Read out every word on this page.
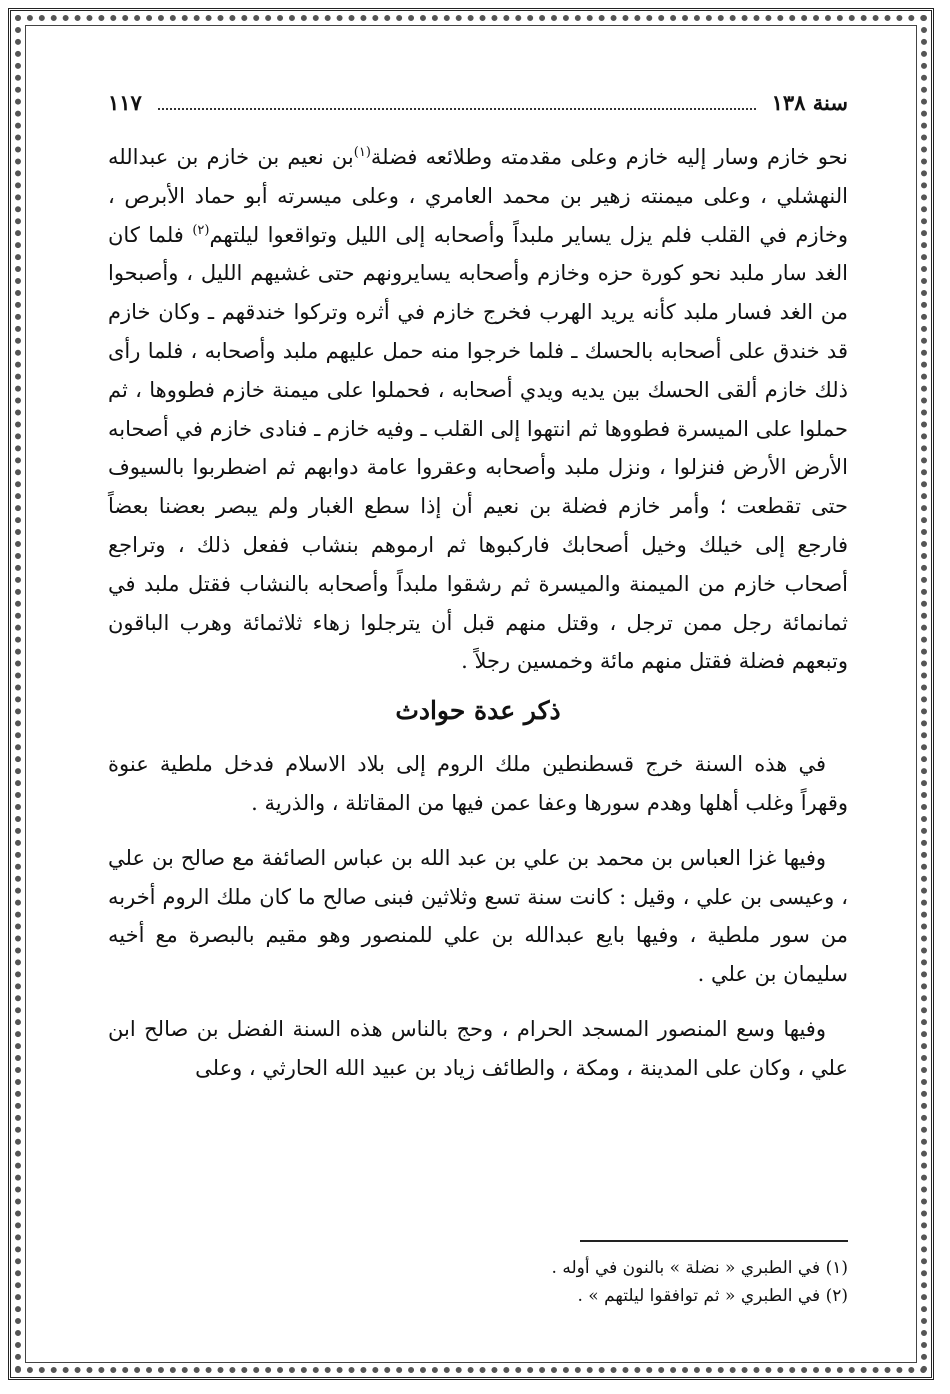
سنة ١٣٨
١١٧

نحو خازم وسار إليه خازم وعلى مقدمته وطلائعه فضلة$^{(١)}$بن نعيم بن خازم بن عبدالله النهشلي ، وعلى ميمنته زهير بن محمد العامري ، وعلى ميسرته أبو حماد الأبرص ، وخازم في القلب فلم يزل يساير ملبداً وأصحابه إلى الليل وتواقعوا ليلتهم$^{(٢)}$ فلما كان الغد سار ملبد نحو كورة حزه وخازم وأصحابه يسايرونهم حتى غشيهم الليل ، وأصبحوا من الغد فسار ملبد كأنه يريد الهرب فخرج خازم في أثره وتركوا خندقهم ـ وكان خازم قد خندق على أصحابه بالحسك ـ فلما خرجوا منه حمل عليهم ملبد وأصحابه ، فلما رأى ذلك خازم ألقى الحسك بين يديه ويدي أصحابه ، فحملوا على ميمنة خازم فطووها ، ثم حملوا على الميسرة فطووها ثم انتهوا إلى القلب ـ وفيه خازم ـ فنادى خازم في أصحابه الأرض الأرض فنزلوا ، ونزل ملبد وأصحابه وعقروا عامة دوابهم ثم اضطربوا بالسيوف حتى تقطعت ؛ وأمر خازم فضلة بن نعيم أن إذا سطع الغبار ولم يبصر بعضنا بعضاً فارجع إلى خيلك وخيل أصحابك فاركبوها ثم ارموهم بنشاب ففعل ذلك ، وتراجع أصحاب خازم من الميمنة والميسرة ثم رشقوا ملبداً وأصحابه بالنشاب فقتل ملبد في ثمانمائة رجل ممن ترجل ، وقتل منهم قبل أن يترجلوا زهاء ثلاثمائة وهرب الباقون وتبعهم فضلة فقتل منهم مائة وخمسين رجلاً .

ذكر عدة حوادث

في هذه السنة خرج قسطنطين ملك الروم إلى بلاد الاسلام فدخل ملطية عنوة وقهراً وغلب أهلها وهدم سورها وعفا عمن فيها من المقاتلة ، والذرية .

وفيها غزا العباس بن محمد بن علي بن عبد الله بن عباس الصائفة مع صالح بن علي ، وعيسى بن علي ، وقيل : كانت سنة تسع وثلاثين فبنى صالح ما كان ملك الروم أخربه من سور ملطية ، وفيها بايع عبدالله بن علي للمنصور وهو مقيم بالبصرة مع أخيه سليمان بن علي .

وفيها وسع المنصور المسجد الحرام ، وحج بالناس هذه السنة الفضل بن صالح ابن علي ، وكان على المدينة ، ومكة ، والطائف زياد بن عبيد الله الحارثي ، وعلى

(١) في الطبري « نضلة » بالنون في أوله .
(٢) في الطبري « ثم توافقوا ليلتهم » .
